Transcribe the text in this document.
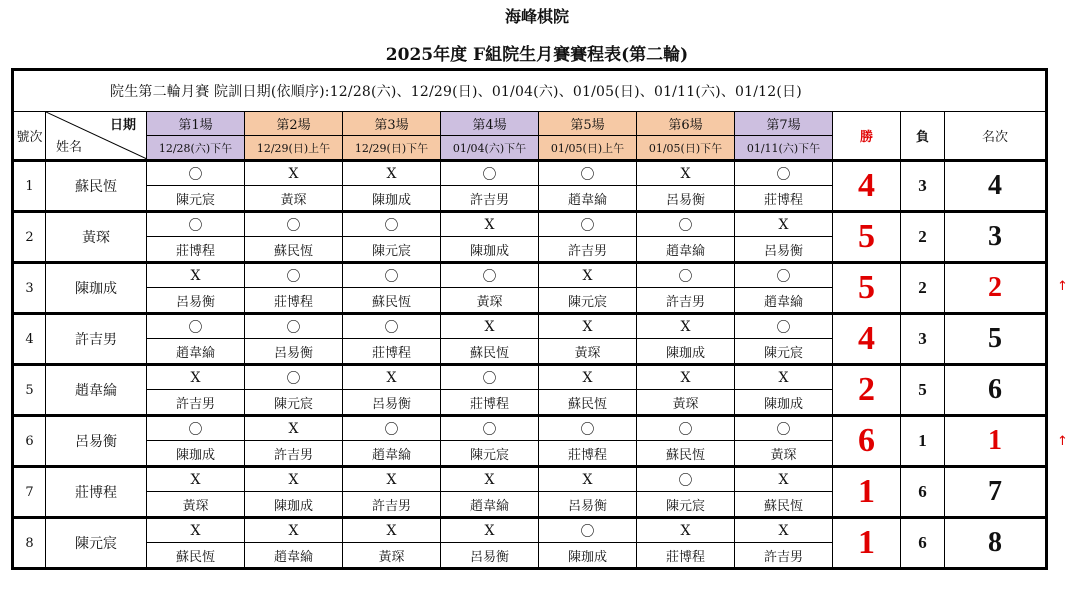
海峰棋院
2025年度 F組院生月賽賽程表(第二輪)
院生第二輪月賽 院訓日期(依順序):12/28(六)、12/29(日)、01/04(六)、01/05(日)、01/11(六)、01/12(日)											
號次	日期
姓名	第1場	第2場	第3場	第4場	第5場	第6場	第7場	勝	負	名次
		12/28(六)下午	12/29(日)上午	12/29(日)下午	01/04(六)下午	01/05(日)上午	01/05(日)下午	01/11(六)下午			
1	蘇民恆	〇	X	X	〇	〇	X	〇	4	3	4
		陳元宸	黃琛	陳珈成	許吉男	趙韋綸	呂易衡	莊博程			
2	黃琛	〇	〇	〇	X	〇	〇	X	5	2	3
		莊博程	蘇民恆	陳元宸	陳珈成	許吉男	趙韋綸	呂易衡			
3	陳珈成	X	〇	〇	〇	X	〇	〇	5	2	2
		呂易衡	莊博程	蘇民恆	黃琛	陳元宸	許吉男	趙韋綸			
4	許吉男	〇	〇	〇	X	X	X	〇	4	3	5
		趙韋綸	呂易衡	莊博程	蘇民恆	黃琛	陳珈成	陳元宸			
5	趙韋綸	X	〇	X	〇	X	X	X	2	5	6
		許吉男	陳元宸	呂易衡	莊博程	蘇民恆	黃琛	陳珈成			
6	呂易衡	〇	X	〇	〇	〇	〇	〇	6	1	1
		陳珈成	許吉男	趙韋綸	陳元宸	莊博程	蘇民恆	黃琛			
7	莊博程	X	X	X	X	X	〇	X	1	6	7
		黃琛	陳珈成	許吉男	趙韋綸	呂易衡	陳元宸	蘇民恆			
8	陳元宸	X	X	X	X	〇	X	X	1	6	8
		蘇民恆	趙韋綸	黃琛	呂易衡	陳珈成	莊博程	許吉男			
↑
↑
